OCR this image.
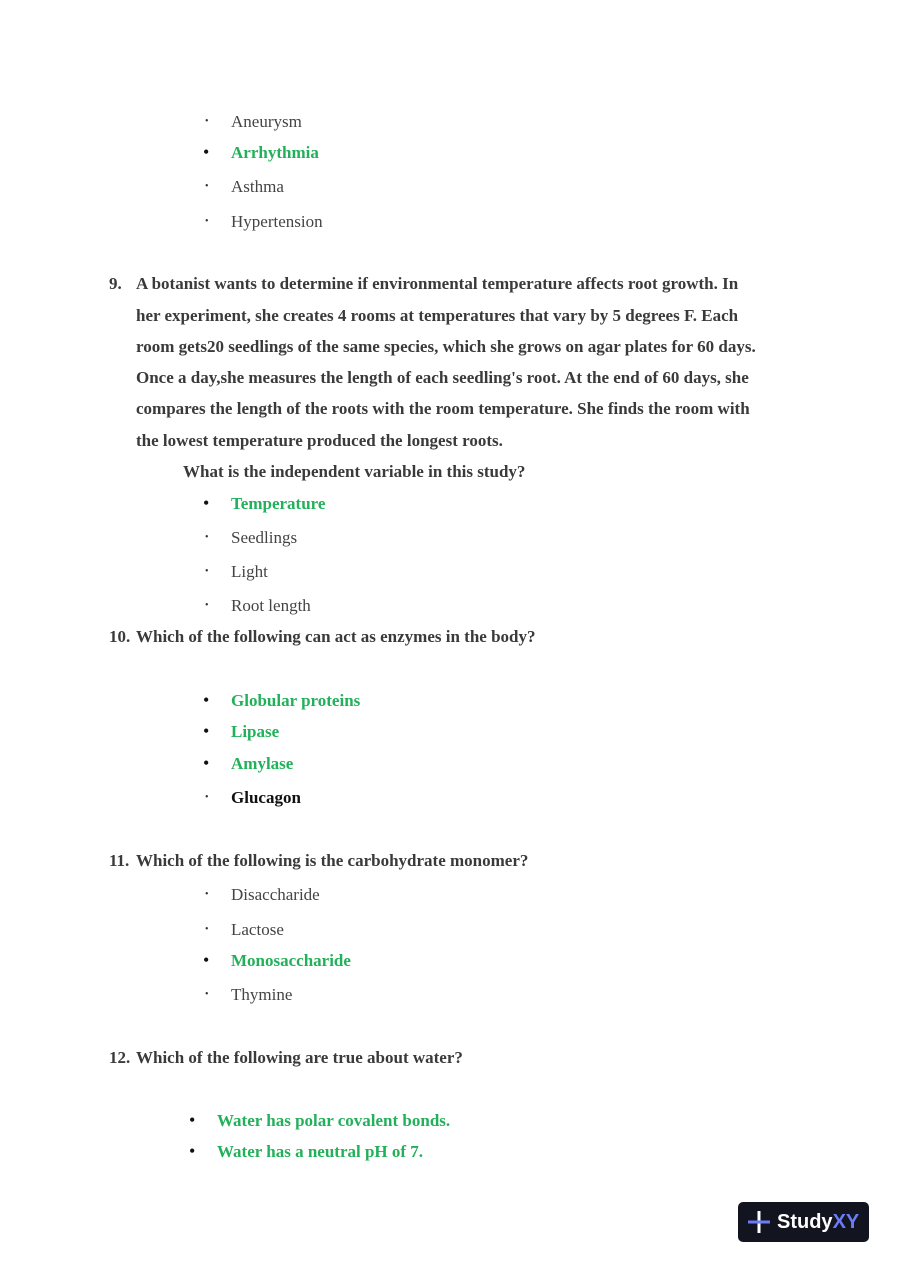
• Aneurysm
• Arrhythmia
• Asthma
• Hypertension
9. A botanist wants to determine if environmental temperature affects root growth. In
her experiment, she creates 4 rooms at temperatures that vary by 5 degrees F. Each
room gets20 seedlings of the same species, which she grows on agar plates for 60 days.
Once a day,she measures the length of each seedling's root. At the end of 60 days, she
compares the length of the roots with the room temperature. She finds the room with
the lowest temperature produced the longest roots.
What is the independent variable in this study?
• Temperature
• Seedlings
• Light
• Root length
10. Which of the following can act as enzymes in the body?
• Globular proteins
• Lipase
• Amylase
• Glucagon
11. Which of the following is the carbohydrate monomer?
• Disaccharide
• Lactose
• Monosaccharide
• Thymine
12. Which of the following are true about water?
• Water has polar covalent bonds.
• Water has a neutral pH of 7.
StudyXY
